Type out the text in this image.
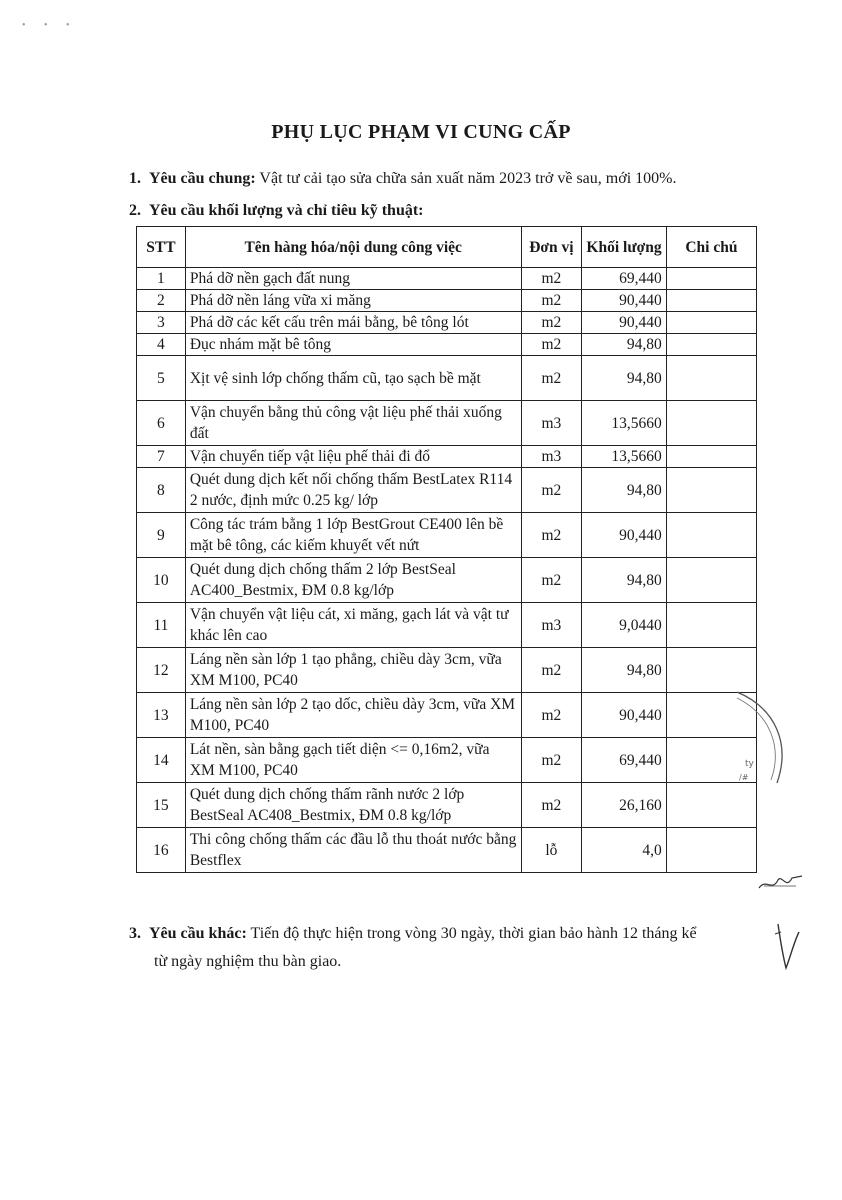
• • •
PHỤ LỤC PHẠM VI CUNG CẤP
1. Yêu cầu chung: Vật tư cải tạo sửa chữa sản xuất năm 2023 trở về sau, mới 100%.
2. Yêu cầu khối lượng và chỉ tiêu kỹ thuật:
STT	Tên hàng hóa/nội dung công việc	Đơn vị	Khối lượng	Chi chú
1	Phá dỡ nền gạch đất nung	m2	69,440	
2	Phá dỡ nền láng vữa xi măng	m2	90,440	
3	Phá dỡ các kết cấu trên mái bằng, bê tông lót	m2	90,440	
4	Đục nhám mặt bê tông	m2	94,80	
5	Xịt vệ sinh lớp chống thấm cũ, tạo sạch bề mặt	m2	94,80	
6	Vận chuyển bằng thủ công vật liệu phế thải xuống đất	m3	13,5660	
7	Vận chuyển tiếp vật liệu phế thải đi đổ	m3	13,5660	
8	Quét dung dịch kết nối chống thấm BestLatex R114 2 nước, định mức 0.25 kg/ lớp	m2	94,80	
9	Công tác trám bằng 1 lớp BestGrout CE400 lên bề mặt bê tông, các kiếm khuyết vết nứt	m2	90,440	
10	Quét dung dịch chống thấm 2 lớp BestSeal AC400_Bestmix, ĐM 0.8 kg/lớp	m2	94,80	
11	Vận chuyển vật liệu cát, xi măng, gạch lát và vật tư khác lên cao	m3	9,0440	
12	Láng nền sàn lớp 1 tạo phẳng, chiều dày 3cm, vữa XM M100, PC40	m2	94,80	
13	Láng nền sàn lớp 2 tạo dốc, chiều dày 3cm, vữa XM M100, PC40	m2	90,440	
14	Lát nền, sàn bằng gạch tiết diện <= 0,16m2, vữa XM M100, PC40	m2	69,440	
15	Quét dung dịch chống thấm rãnh nước 2 lớp BestSeal AC408_Bestmix, ĐM 0.8 kg/lớp	m2	26,160	
16	Thi công chống thấm các đầu lỗ thu thoát nước bằng Bestflex	lỗ	4,0	
3. Yêu cầu khác: Tiến độ thực hiện trong vòng 30 ngày, thời gian bảo hành 12 tháng kể
từ ngày nghiệm thu bàn giao.
ty
/#
